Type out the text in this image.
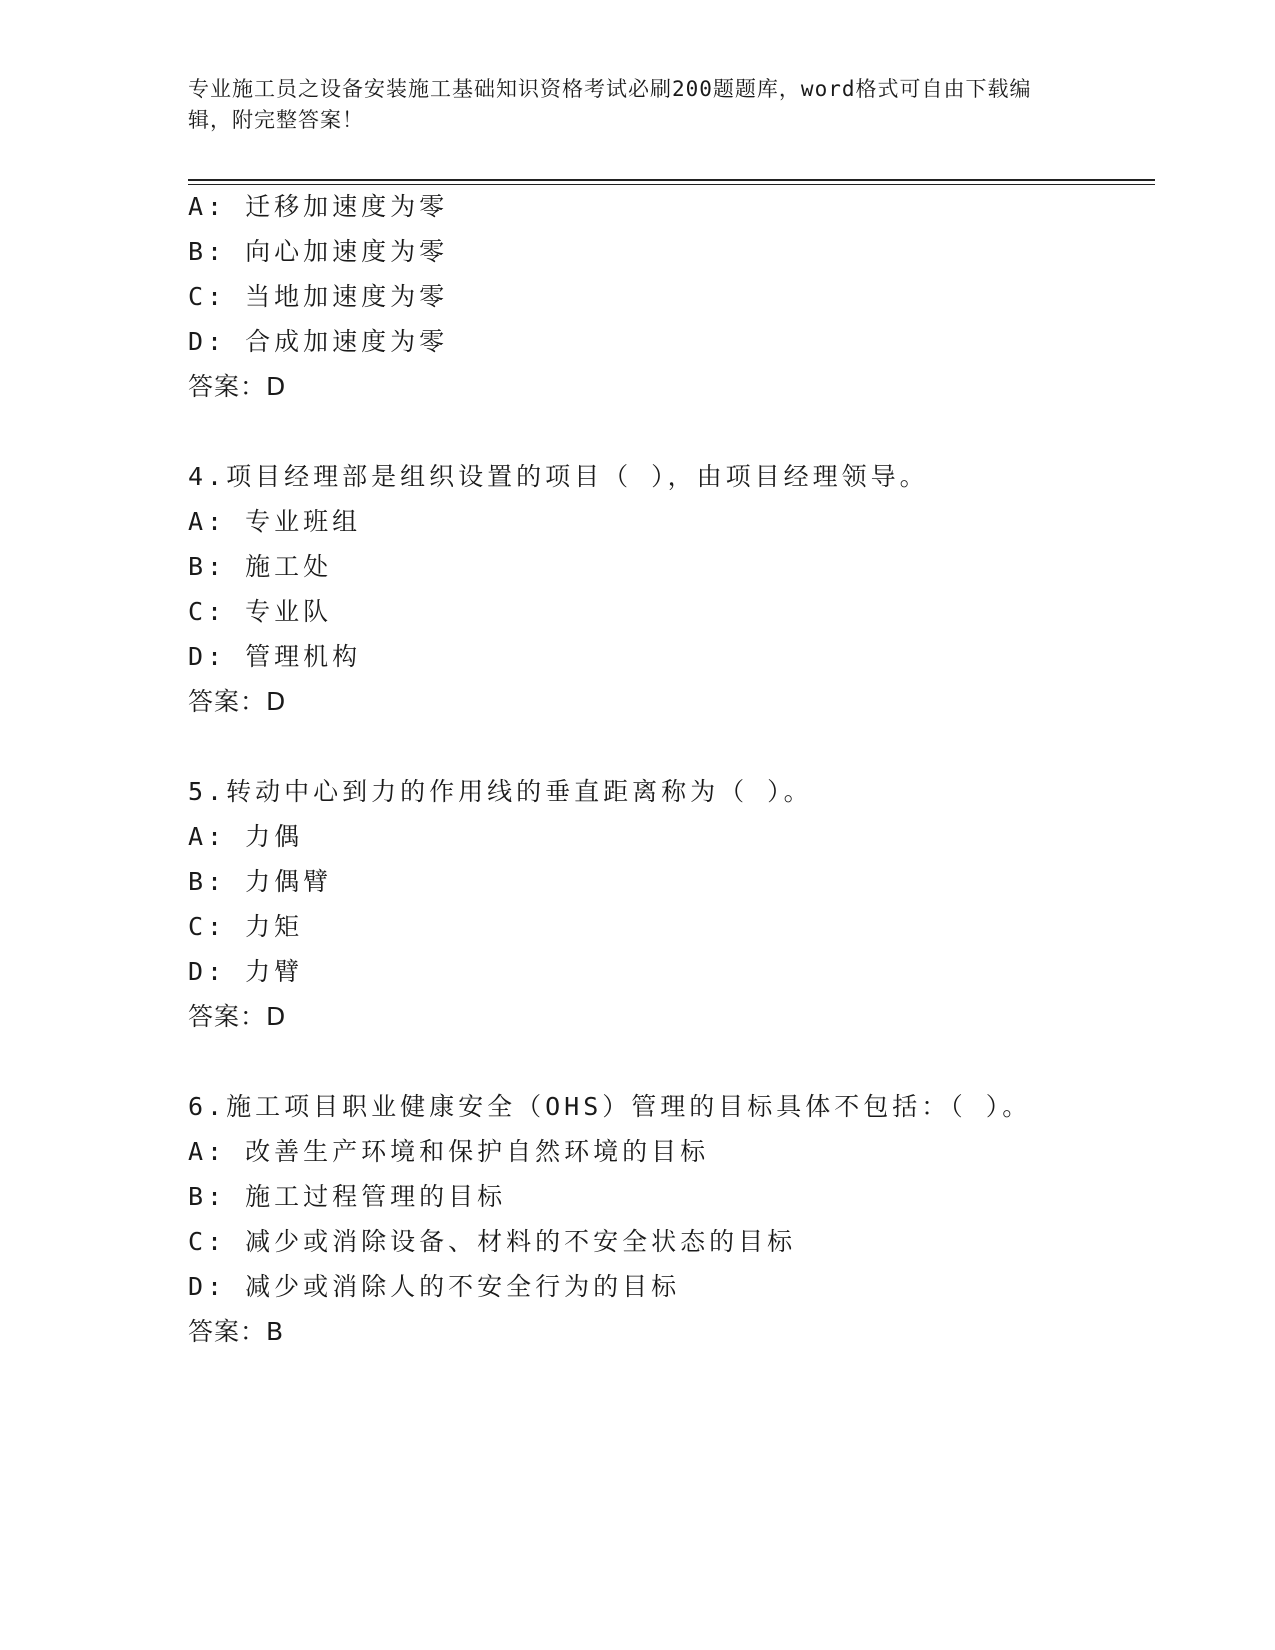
专业施工员之设备安装施工基础知识资格考试必刷200题题库，word格式可自由下载编辑，附完整答案！
A: 迁移加速度为零
B: 向心加速度为零
C: 当地加速度为零
D: 合成加速度为零
答案：D
4.项目经理部是组织设置的项目（ ），由项目经理领导。
A: 专业班组
B: 施工处
C: 专业队
D: 管理机构
答案：D
5.转动中心到力的作用线的垂直距离称为（ ）。
A: 力偶
B: 力偶臂
C: 力矩
D: 力臂
答案：D
6.施工项目职业健康安全（OHS）管理的目标具体不包括：（ ）。
A: 改善生产环境和保护自然环境的目标
B: 施工过程管理的目标
C: 减少或消除设备、材料的不安全状态的目标
D: 减少或消除人的不安全行为的目标
答案：B
